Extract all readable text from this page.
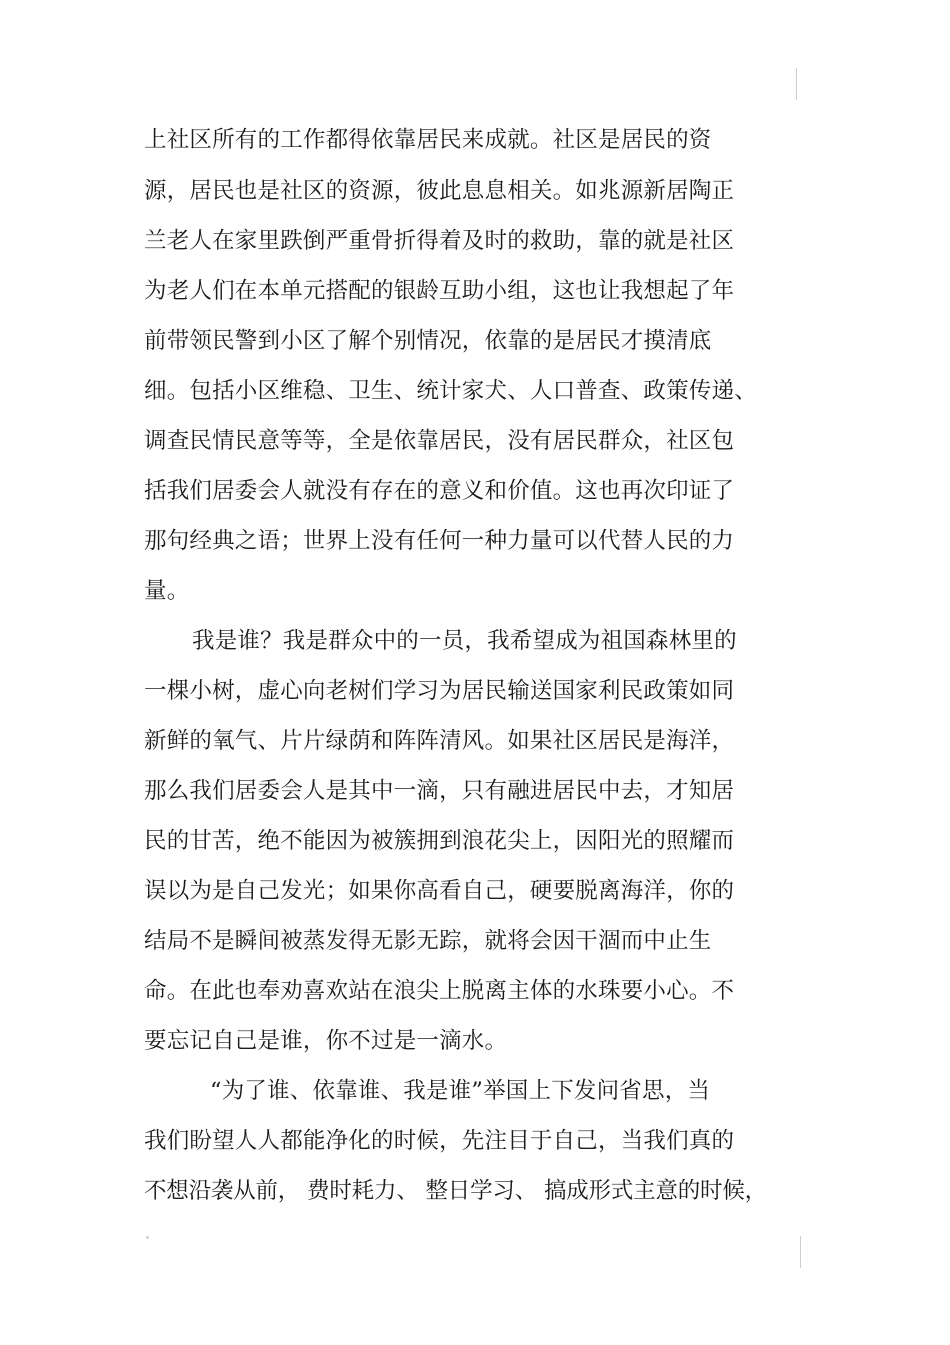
上社区所有的工作都得依靠居民来成就。社区是居民的资
源，居民也是社区的资源，彼此息息相关。如兆源新居陶正
兰老人在家里跌倒严重骨折得着及时的救助，靠的就是社区
为老人们在本单元搭配的银龄互助小组，这也让我想起了年
前带领民警到小区了解个别情况，依靠的是居民才摸清底
细。包括小区维稳、卫生、统计家犬、人口普查、政策传递、
调查民情民意等等，全是依靠居民，没有居民群众，社区包
括我们居委会人就没有存在的意义和价值。这也再次印证了
那句经典之语；世界上没有任何一种力量可以代替人民的力
量。
我是谁？我是群众中的一员，我希望成为祖国森林里的
一棵小树，虚心向老树们学习为居民输送国家利民政策如同
新鲜的氧气、片片绿荫和阵阵清风。如果社区居民是海洋，
那么我们居委会人是其中一滴，只有融进居民中去，才知居
民的甘苦，绝不能因为被簇拥到浪花尖上，因阳光的照耀而
误以为是自己发光；如果你高看自己，硬要脱离海洋，你的
结局不是瞬间被蒸发得无影无踪，就将会因干涸而中止生
命。在此也奉劝喜欢站在浪尖上脱离主体的水珠要小心。不
要忘记自己是谁，你不过是一滴水。
“为了谁、依靠谁、我是谁”举国上下发问省思，当
我们盼望人人都能净化的时候，先注目于自己，当我们真的
不想沿袭从前， 费时耗力、 整日学习、 搞成形式主意的时候，
